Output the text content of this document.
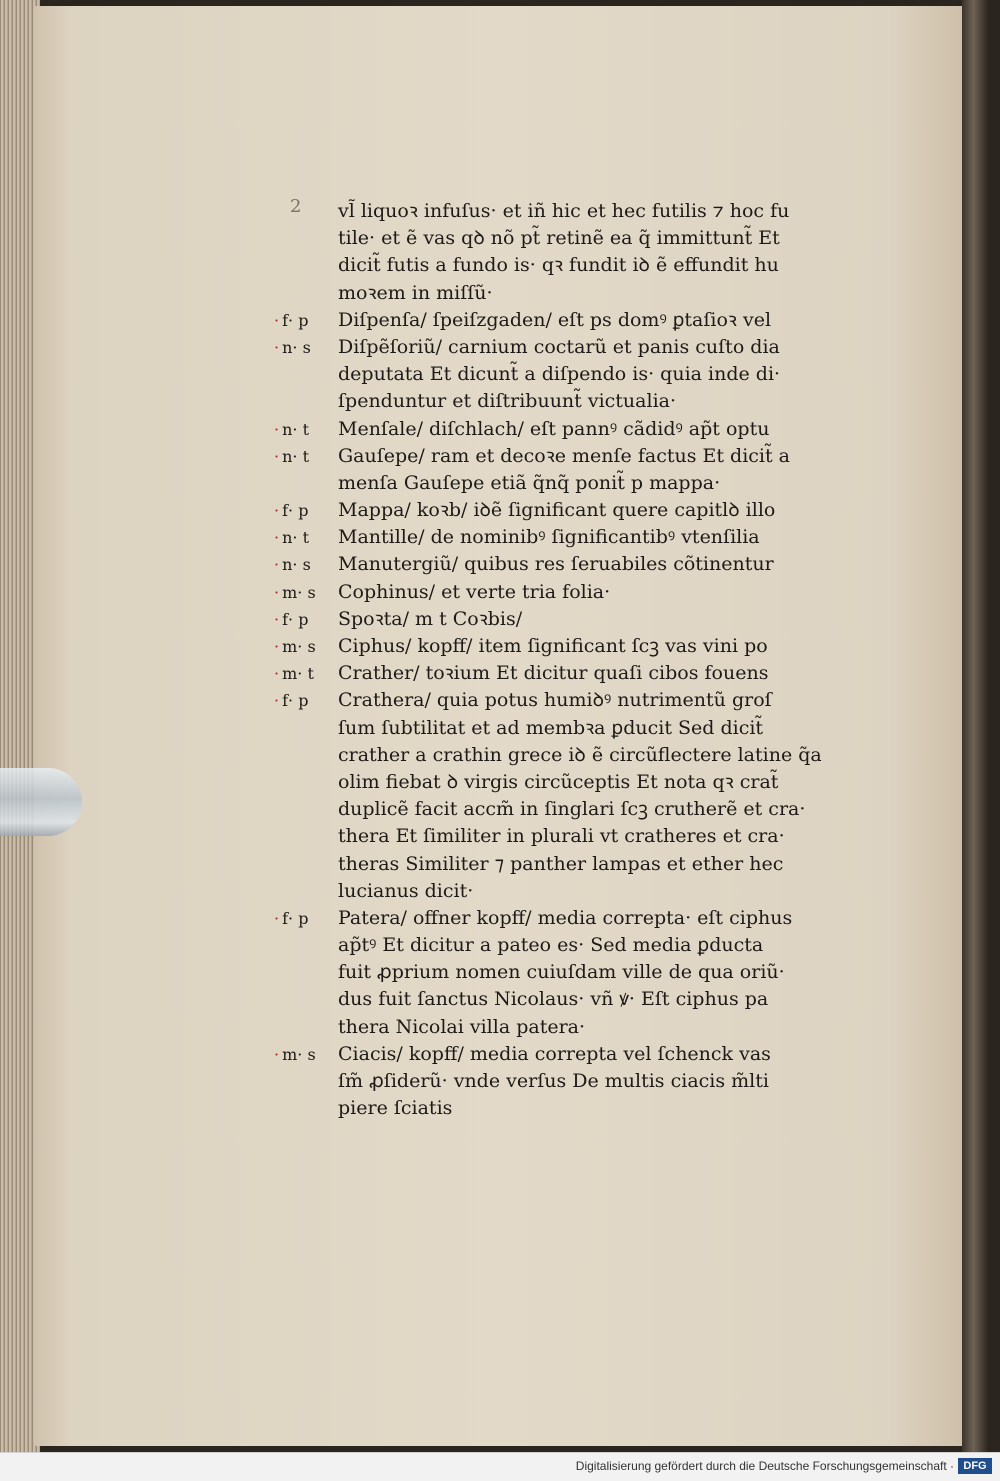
2 vl̃ liquoꝛ infuſus· et iñ hic et hec futilis ⁊ hoc fu
tile· et ẽ vas qꝺ nõ pt̃ retinẽ ea q̃ immittunt̃ Et
dicit̃ futis a fundo is· qꝛ fundit iꝺ ẽ effundit hu
moꝛem in miſſũ·
· f· p	Diſpenſa/ ſpeiſzgaden/ eſt ps domꝰ ꝑtaſioꝛ vel
· n· s	Diſpẽſoriũ/ carnium coctarũ et panis cuſto dia
deputata Et dicunt̃ a diſpendo is· quia inde di·
ſpenduntur et diſtribuunt̃ victualia·
· n· t	Menſale/ diſchlach/ eſt pannꝰ cãdidꝰ ap̃t optu
· n· t	Gauſepe/ ram et decoꝛe menſe factus Et dicit̃ a
menſa Gauſepe etiã q̃nq̃ ponit̃ p mappa·
· f· p	Mappa/ koꝛb/ iꝺẽ ſignificant quere capitlꝺ illo
· n· t	Mantille/ de nominibꝰ ſignificantibꝰ vtenſilia
· n· s	Manutergiũ/ quibus res ſeruabiles cõtinentur
· m· s	Cophinus/ et verte tria folia·
· f· p	Spoꝛta/ m t Coꝛbis/
· m· s	Ciphus/ kopff/ item ſignificant ſcꝫ vas vini po
· m· t	Crather/ toꝛium Et dicitur quaſi cibos fouens
· f· p	Crathera/ quia potus humiꝺꝰ nutrimentũ groſ
ſum ſubtilitat et ad membꝛa ꝑducit Sed dicit̃
crather a crathin grece iꝺ ẽ circũflectere latine q̃a
olim fiebat ꝺ virgis circũceptis Et nota qꝛ crat̃
duplicẽ facit accm̃ in ſinglari ſcꝫ crutherẽ et cra·
thera Et ſimiliter in plurali vt cratheres et cra·
theras Similiter ⁊ panther lampas et ether hec
lucianus dicit·
· f· p	Patera/ offner kopff/ media correpta· eſt ciphus
ap̃tꝰ Et dicitur a pateo es· Sed media ꝑducta
fuit ꝓprium nomen cuiuſdam ville de qua oriũ·
dus fuit ſanctus Nicolaus· vñ ꝟ· Eſt ciphus pa
thera Nicolai villa patera·
· m· s	Ciacis/ kopff/ media correpta vel ſchenck vas
ſm̃ ꝓſiderũ· vnde verſus De multis ciacis m̃lti
piere ſciatis
Digitalisierung gefördert durch die Deutsche Forschungsgemeinschaft · DFG
